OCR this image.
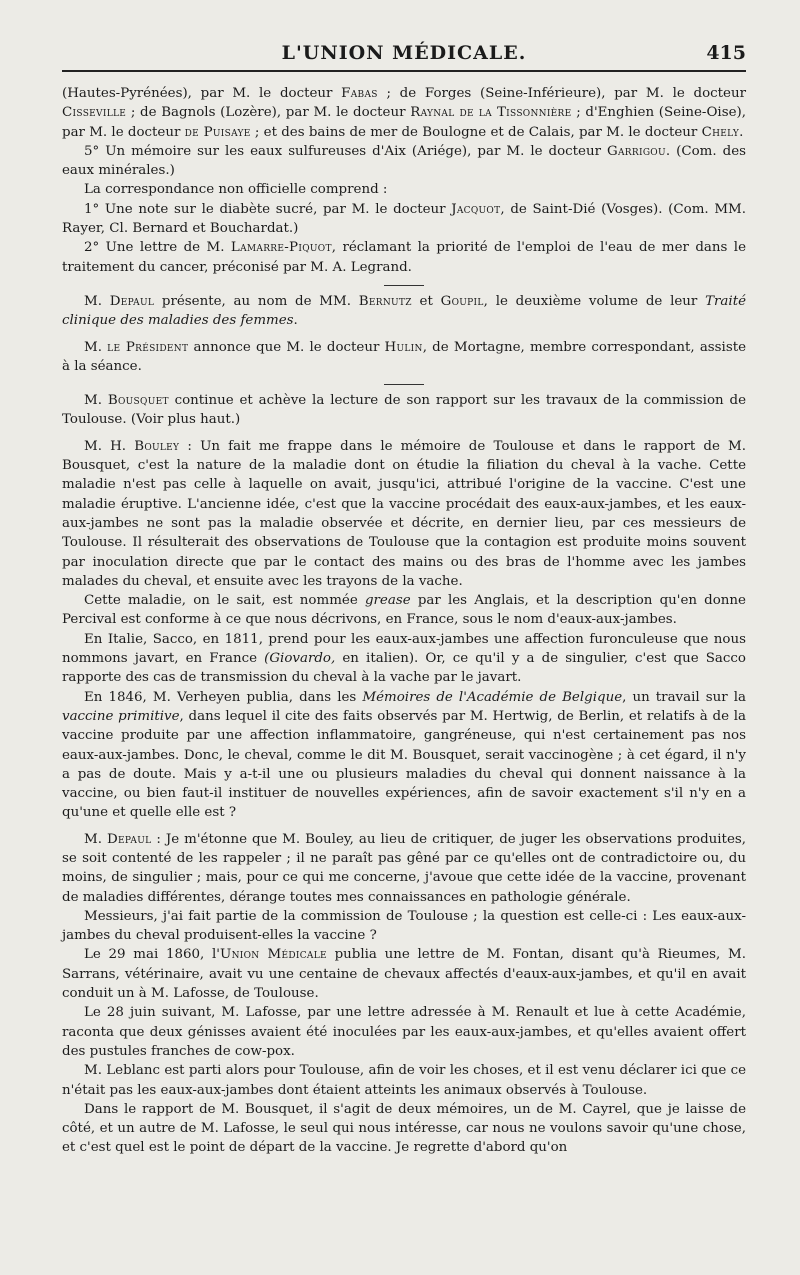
L'UNION MÉDICALE.	415

(Hautes-Pyrénées), par M. le docteur Fabas ; de Forges (Seine-Inférieure), par M. le docteur Cisseville ; de Bagnols (Lozère), par M. le docteur Raynal de la Tissonnière ; d'Enghien (Seine-Oise), par M. le docteur de Puisaye ; et des bains de mer de Boulogne et de Calais, par M. le docteur Chely.

5° Un mémoire sur les eaux sulfureuses d'Aix (Ariége), par M. le docteur Garrigou. (Com. des eaux minérales.)

La correspondance non officielle comprend :

1° Une note sur le diabète sucré, par M. le docteur Jacquot, de Saint-Dié (Vosges). (Com. MM. Rayer, Cl. Bernard et Bouchardat.)

2° Une lettre de M. Lamarre-Piquot, réclamant la priorité de l'emploi de l'eau de mer dans le traitement du cancer, préconisé par M. A. Legrand.

M. Depaul présente, au nom de MM. Bernutz et Goupil, le deuxième volume de leur Traité clinique des maladies des femmes.

M. le Président annonce que M. le docteur Hulin, de Mortagne, membre correspondant, assiste à la séance.

M. Bousquet continue et achève la lecture de son rapport sur les travaux de la commission de Toulouse. (Voir plus haut.)

M. H. Bouley : Un fait me frappe dans le mémoire de Toulouse et dans le rapport de M. Bousquet, c'est la nature de la maladie dont on étudie la filiation du cheval à la vache. Cette maladie n'est pas celle à laquelle on avait, jusqu'ici, attribué l'origine de la vaccine. C'est une maladie éruptive. L'ancienne idée, c'est que la vaccine procédait des eaux-aux-jambes, et les eaux-aux-jambes ne sont pas la maladie observée et décrite, en dernier lieu, par ces messieurs de Toulouse. Il résulterait des observations de Toulouse que la contagion est produite moins souvent par inoculation directe que par le contact des mains ou des bras de l'homme avec les jambes malades du cheval, et ensuite avec les trayons de la vache.

Cette maladie, on le sait, est nommée grease par les Anglais, et la description qu'en donne Percival est conforme à ce que nous décrivons, en France, sous le nom d'eaux-aux-jambes.

En Italie, Sacco, en 1811, prend pour les eaux-aux-jambes une affection furonculeuse que nous nommons javart, en France (Giovardo, en italien). Or, ce qu'il y a de singulier, c'est que Sacco rapporte des cas de transmission du cheval à la vache par le javart.

En 1846, M. Verheyen publia, dans les Mémoires de l'Académie de Belgique, un travail sur la vaccine primitive, dans lequel il cite des faits observés par M. Hertwig, de Berlin, et relatifs à de la vaccine produite par une affection inflammatoire, gangréneuse, qui n'est certainement pas nos eaux-aux-jambes. Donc, le cheval, comme le dit M. Bousquet, serait vaccinogène ; à cet égard, il n'y a pas de doute. Mais y a-t-il une ou plusieurs maladies du cheval qui donnent naissance à la vaccine, ou bien faut-il instituer de nouvelles expériences, afin de savoir exactement s'il n'y en a qu'une et quelle elle est ?

M. Depaul : Je m'étonne que M. Bouley, au lieu de critiquer, de juger les observations produites, se soit contenté de les rappeler ; il ne paraît pas gêné par ce qu'elles ont de contradictoire ou, du moins, de singulier ; mais, pour ce qui me concerne, j'avoue que cette idée de la vaccine, provenant de maladies différentes, dérange toutes mes connaissances en pathologie générale.

Messieurs, j'ai fait partie de la commission de Toulouse ; la question est celle-ci : Les eaux-aux-jambes du cheval produisent-elles la vaccine ?

Le 29 mai 1860, l'Union Médicale publia une lettre de M. Fontan, disant qu'à Rieumes, M. Sarrans, vétérinaire, avait vu une centaine de chevaux affectés d'eaux-aux-jambes, et qu'il en avait conduit un à M. Lafosse, de Toulouse.

Le 28 juin suivant, M. Lafosse, par une lettre adressée à M. Renault et lue à cette Académie, raconta que deux génisses avaient été inoculées par les eaux-aux-jambes, et qu'elles avaient offert des pustules franches de cow-pox.

M. Leblanc est parti alors pour Toulouse, afin de voir les choses, et il est venu déclarer ici que ce n'était pas les eaux-aux-jambes dont étaient atteints les animaux observés à Toulouse.

Dans le rapport de M. Bousquet, il s'agit de deux mémoires, un de M. Cayrel, que je laisse de côté, et un autre de M. Lafosse, le seul qui nous intéresse, car nous ne voulons savoir qu'une chose, et c'est quel est le point de départ de la vaccine. Je regrette d'abord qu'on
